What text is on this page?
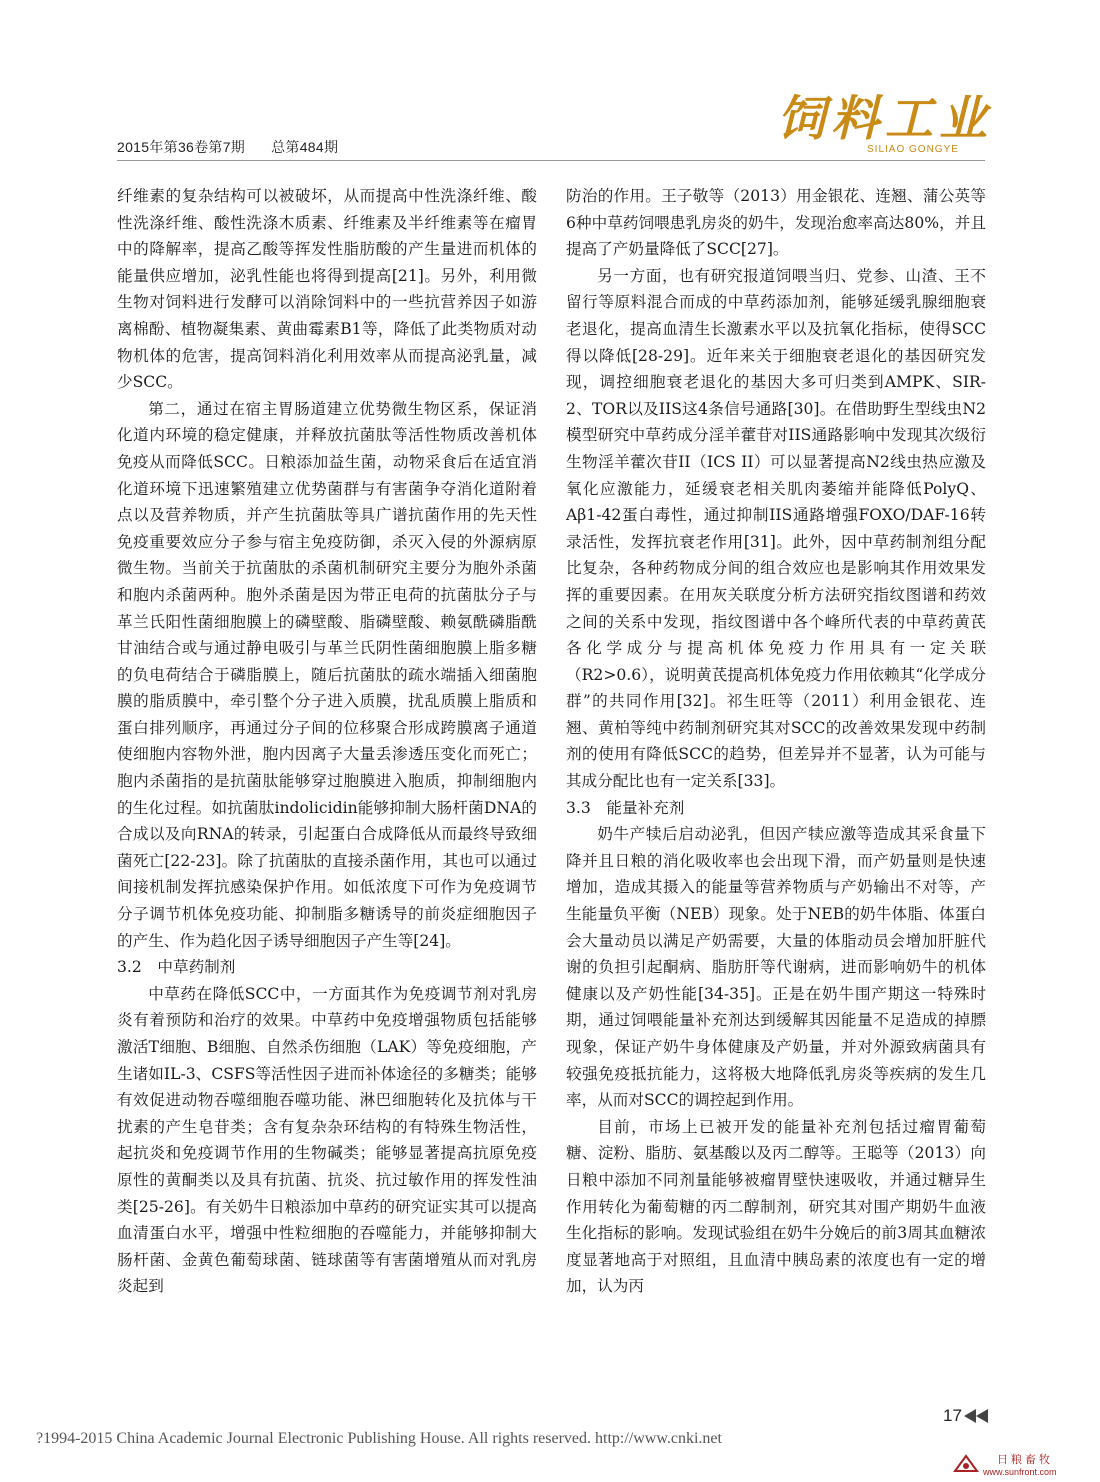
2015年第36卷第7期 总第484期	饲料工业
SILIAO GONGYE

纤维素的复杂结构可以被破坏，从而提高中性洗涤纤维、酸性洗涤纤维、酸性洗涤木质素、纤维素及半纤维素等在瘤胃中的降解率，提高乙酸等挥发性脂肪酸的产生量进而机体的能量供应增加，泌乳性能也将得到提高[21]。另外，利用微生物对饲料进行发酵可以消除饲料中的一些抗营养因子如游离棉酚、植物凝集素、黄曲霉素B1等，降低了此类物质对动物机体的危害，提高饲料消化利用效率从而提高泌乳量，减少SCC。

第二，通过在宿主胃肠道建立优势微生物区系，保证消化道内环境的稳定健康，并释放抗菌肽等活性物质改善机体免疫从而降低SCC。日粮添加益生菌，动物采食后在适宜消化道环境下迅速繁殖建立优势菌群与有害菌争夺消化道附着点以及营养物质，并产生抗菌肽等具广谱抗菌作用的先天性免疫重要效应分子参与宿主免疫防御，杀灭入侵的外源病原微生物。当前关于抗菌肽的杀菌机制研究主要分为胞外杀菌和胞内杀菌两种。胞外杀菌是因为带正电荷的抗菌肽分子与革兰氏阳性菌细胞膜上的磷壁酸、脂磷壁酸、赖氨酰磷脂酰甘油结合或与通过静电吸引与革兰氏阴性菌细胞膜上脂多糖的负电荷结合于磷脂膜上，随后抗菌肽的疏水端插入细菌胞膜的脂质膜中，牵引整个分子进入质膜，扰乱质膜上脂质和蛋白排列顺序，再通过分子间的位移聚合形成跨膜离子通道使细胞内容物外泄，胞内因离子大量丢渗透压变化而死亡；胞内杀菌指的是抗菌肽能够穿过胞膜进入胞质，抑制细胞内的生化过程。如抗菌肽indolicidin能够抑制大肠杆菌DNA的合成以及向RNA的转录，引起蛋白合成降低从而最终导致细菌死亡[22-23]。除了抗菌肽的直接杀菌作用，其也可以通过间接机制发挥抗感染保护作用。如低浓度下可作为免疫调节分子调节机体免疫功能、抑制脂多糖诱导的前炎症细胞因子的产生、作为趋化因子诱导细胞因子产生等[24]。

3.2　中草药制剂

中草药在降低SCC中，一方面其作为免疫调节剂对乳房炎有着预防和治疗的效果。中草药中免疫增强物质包括能够激活T细胞、B细胞、自然杀伤细胞（LAK）等免疫细胞，产生诸如IL-3、CSFS等活性因子进而补体途径的多糖类；能够有效促进动物吞噬细胞吞噬功能、淋巴细胞转化及抗体与干扰素的产生皂苷类；含有复杂杂环结构的有特殊生物活性，起抗炎和免疫调节作用的生物碱类；能够显著提高抗原免疫原性的黄酮类以及具有抗菌、抗炎、抗过敏作用的挥发性油类[25-26]。有关奶牛日粮添加中草药的研究证实其可以提高血清蛋白水平，增强中性粒细胞的吞噬能力，并能够抑制大肠杆菌、金黄色葡萄球菌、链球菌等有害菌增殖从而对乳房炎起到

防治的作用。王子敬等（2013）用金银花、连翘、蒲公英等6种中草药饲喂患乳房炎的奶牛，发现治愈率高达80%，并且提高了产奶量降低了SCC[27]。

另一方面，也有研究报道饲喂当归、党参、山渣、王不留行等原料混合而成的中草药添加剂，能够延缓乳腺细胞衰老退化，提高血清生长激素水平以及抗氧化指标，使得SCC得以降低[28-29]。近年来关于细胞衰老退化的基因研究发现，调控细胞衰老退化的基因大多可归类到AMPK、SIR-2、TOR以及IIS这4条信号通路[30]。在借助野生型线虫N2模型研究中草药成分淫羊藿苷对IIS通路影响中发现其次级衍生物淫羊藿次苷II（ICS II）可以显著提高N2线虫热应激及氧化应激能力，延缓衰老相关肌肉萎缩并能降低PolyQ、Aβ1-42蛋白毒性，通过抑制IIS通路增强FOXO/DAF-16转录活性，发挥抗衰老作用[31]。此外，因中草药制剂组分配比复杂，各种药物成分间的组合效应也是影响其作用效果发挥的重要因素。在用灰关联度分析方法研究指纹图谱和药效之间的关系中发现，指纹图谱中各个峰所代表的中草药黄芪各化学成分与提高机体免疫力作用具有一定关联（R2>0.6），说明黄芪提高机体免疫力作用依赖其“化学成分群”的共同作用[32]。祁生旺等（2011）利用金银花、连翘、黄柏等纯中药制剂研究其对SCC的改善效果发现中药制剂的使用有降低SCC的趋势，但差异并不显著，认为可能与其成分配比也有一定关系[33]。

3.3　能量补充剂

奶牛产犊后启动泌乳，但因产犊应激等造成其采食量下降并且日粮的消化吸收率也会出现下滑，而产奶量则是快速增加，造成其摄入的能量等营养物质与产奶输出不对等，产生能量负平衡（NEB）现象。处于NEB的奶牛体脂、体蛋白会大量动员以满足产奶需要，大量的体脂动员会增加肝脏代谢的负担引起酮病、脂肪肝等代谢病，进而影响奶牛的机体健康以及产奶性能[34-35]。正是在奶牛围产期这一特殊时期，通过饲喂能量补充剂达到缓解其因能量不足造成的掉膘现象，保证产奶牛身体健康及产奶量，并对外源致病菌具有较强免疫抵抗能力，这将极大地降低乳房炎等疾病的发生几率，从而对SCC的调控起到作用。

目前，市场上已被开发的能量补充剂包括过瘤胃葡萄糖、淀粉、脂肪、氨基酸以及丙二醇等。王聪等（2013）向日粮中添加不同剂量能够被瘤胃壁快速吸收，并通过糖异生作用转化为葡萄糖的丙二醇制剂，研究其对围产期奶牛血液生化指标的影响。发现试验组在奶牛分娩后的前3周其血糖浓度显著地高于对照组，且血清中胰岛素的浓度也有一定的增加，认为丙

17
?1994-2015 China Academic Journal Electronic Publishing House. All rights reserved. http://www.cnki.net
日粮畜牧
www.sunfront.com
